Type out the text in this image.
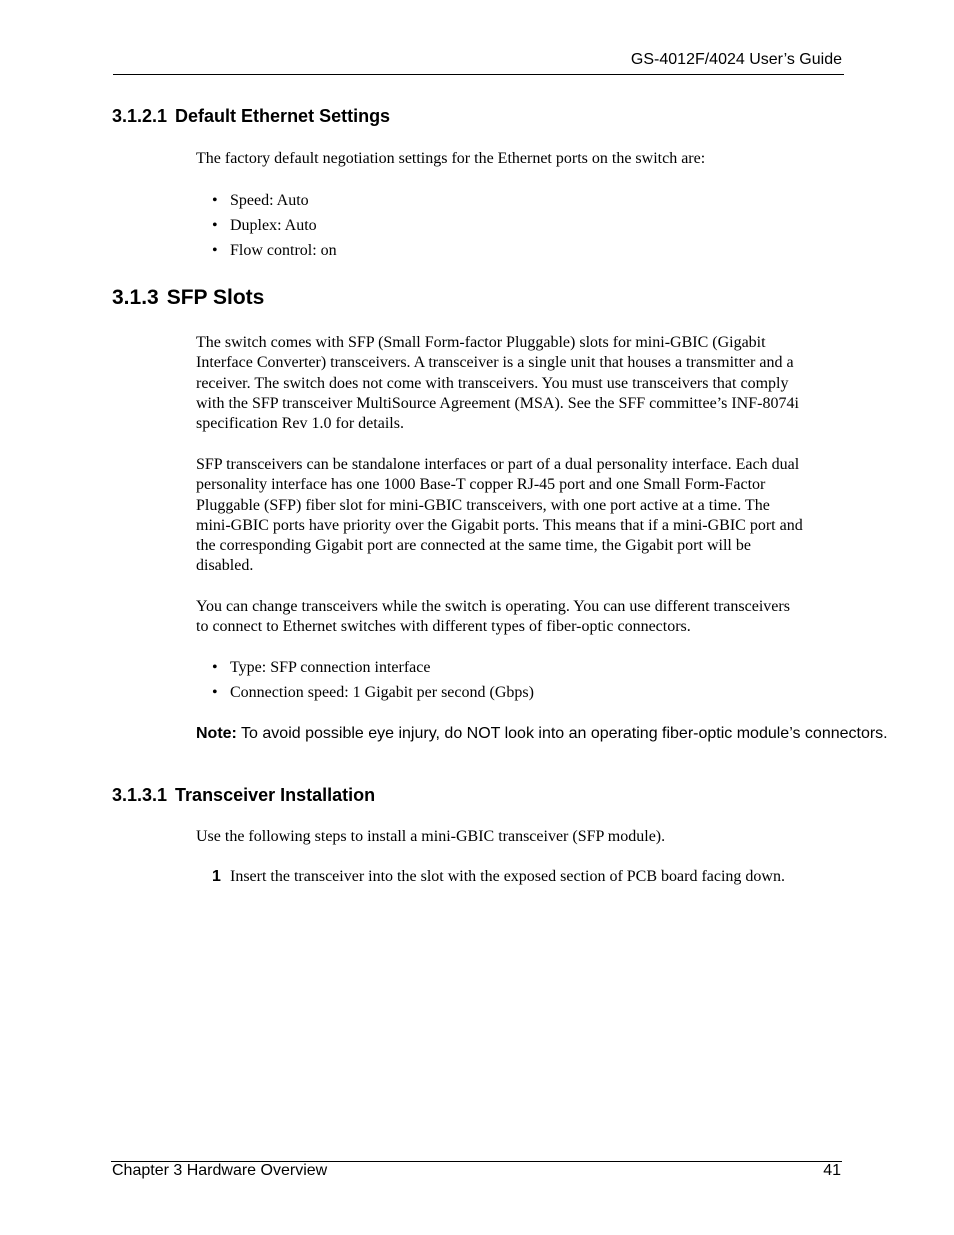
GS-4012F/4024 User’s Guide
3.1.2.1 Default Ethernet Settings

The factory default negotiation settings for the Ethernet ports on the switch are:

• Speed: Auto
• Duplex: Auto
• Flow control: on
3.1.3 SFP Slots
The switch comes with SFP (Small Form-factor Pluggable) slots for mini-GBIC (Gigabit
Interface Converter) transceivers. A transceiver is a single unit that houses a transmitter and a
receiver. The switch does not come with transceivers. You must use transceivers that comply
with the SFP transceiver MultiSource Agreement (MSA). See the SFF committee’s INF-8074i
specification Rev 1.0 for details.
SFP transceivers can be standalone interfaces or part of a dual personality interface. Each dual
personality interface has one 1000 Base-T copper RJ-45 port and one Small Form-Factor
Pluggable (SFP) fiber slot for mini-GBIC transceivers, with one port active at a time. The
mini-GBIC ports have priority over the Gigabit ports. This means that if a mini-GBIC port and
the corresponding Gigabit port are connected at the same time, the Gigabit port will be
disabled.
You can change transceivers while the switch is operating. You can use different transceivers
to connect to Ethernet switches with different types of fiber-optic connectors.
• Type: SFP connection interface
• Connection speed: 1 Gigabit per second (Gbps)

Note: To avoid possible eye injury, do NOT look into an operating fiber-optic module’s connectors.

3.1.3.1 Transceiver Installation

Use the following steps to install a mini-GBIC transceiver (SFP module).

1 Insert the transceiver into the slot with the exposed section of PCB board facing down.

Chapter 3 Hardware Overview	41
